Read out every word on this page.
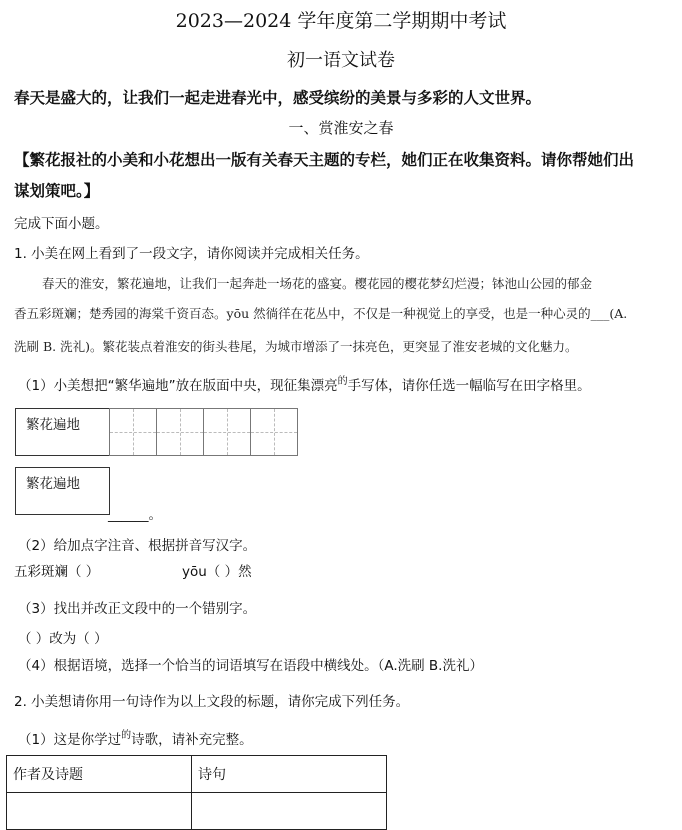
2023—2024 学年度第二学期期中考试
初一语文试卷
春天是盛大的，让我们一起走进春光中，感受缤纷的美景与多彩的人文世界。
一、赏淮安之春
【繁花报社的小美和小花想出一版有关春天主题的专栏，她们正在收集资料。请你帮她们出
谋划策吧。】
完成下面小题。
1. 小美在网上看到了一段文字，请你阅读并完成相关任务。
春天的淮安，繁花遍地，让我们一起奔赴一场花的盛宴。樱花园的樱花梦幻烂漫；钵池山公园的郁金
香五彩斑斓；楚秀园的海棠千资百态。yōu 然徜徉在花丛中，不仅是一种视觉上的享受，也是一种心灵的___(A.
洗刷 B. 洗礼)。繁花装点着淮安的街头巷尾，为城市增添了一抹亮色，更突显了淮安老城的文化魅力。
（1）小美想把“繁华遍地”放在版面中央，现征集漂亮$^的$手写体，请你任选一幅临写在田字格里。
繁花遍地
繁花遍地
______。
（2）给加点字注音、根据拼音写汉字。
五彩斑斓（ ）	yōu（ ）然
（3）找出并改正文段中的一个错别字。
（ ）改为（ ）
（4）根据语境，选择一个恰当的词语填写在语段中横线处。（A.洗刷 B.洗礼）
2. 小美想请你用一句诗作为以上文段的标题，请你完成下列任务。
（1）这是你学过$^的$诗歌，请补充完整。
作者及诗题	诗句
